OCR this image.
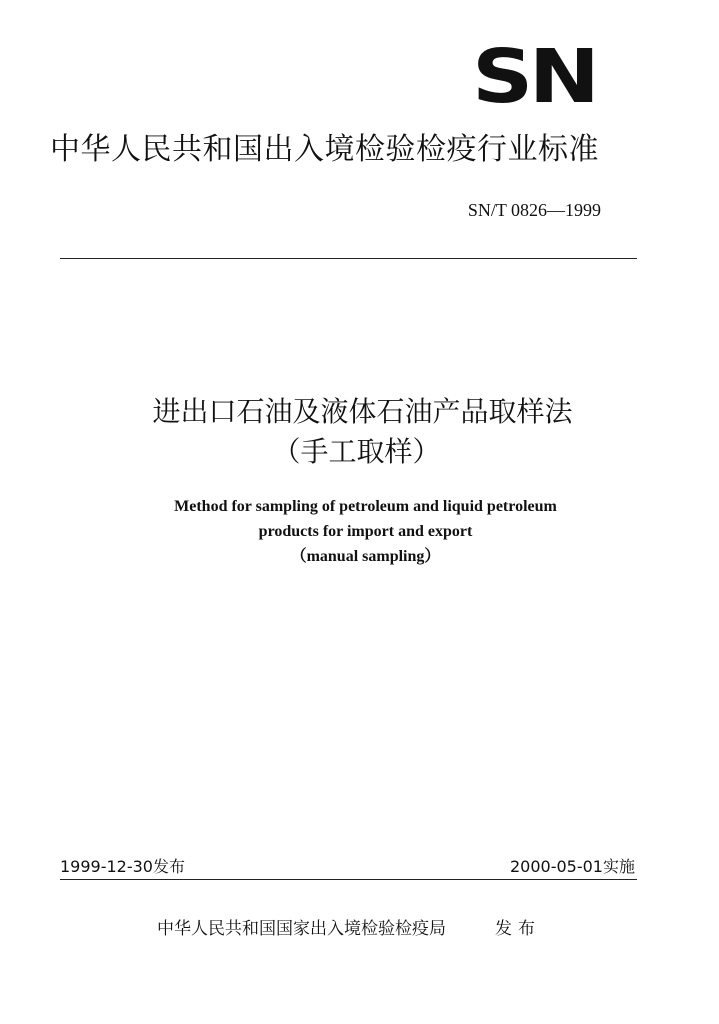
SN
中华人民共和国出入境检验检疫行业标准
SN/T 0826—1999
进出口石油及液体石油产品取样法
（手工取样）
Method for sampling of petroleum and liquid petroleum
products for import and export
（manual sampling）
1999-12-30发布	2000-05-01实施
中华人民共和国国家出入境检验检疫局	发布
